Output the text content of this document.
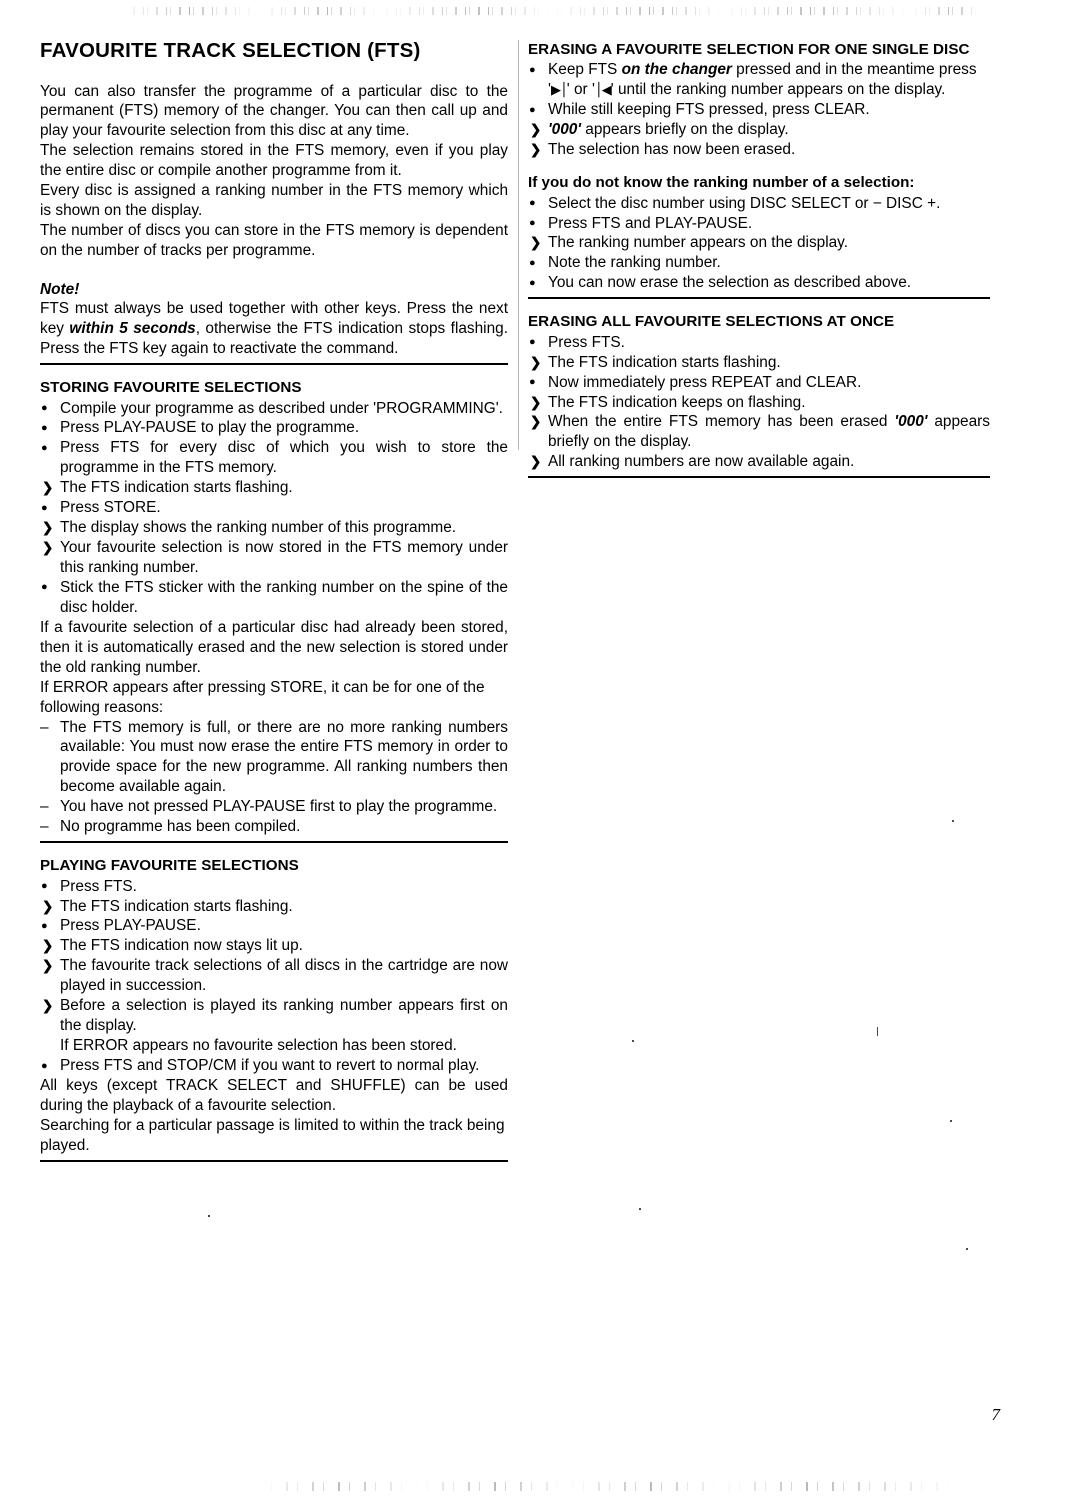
FAVOURITE TRACK SELECTION (FTS)

You can also transfer the programme of a particular disc to the permanent (FTS) memory of the changer. You can then call up and play your favourite selection from this disc at any time.

The selection remains stored in the FTS memory, even if you play the entire disc or compile another programme from it.

Every disc is assigned a ranking number in the FTS memory which is shown on the display.

The number of discs you can store in the FTS memory is dependent on the number of tracks per programme.

Note!

FTS must always be used together with other keys. Press the next key within 5 seconds, otherwise the FTS indication stops flashing. Press the FTS key again to reactivate the command.

STORING FAVOURITE SELECTIONS
●
Compile your programme as described under 'PROGRAMMING'.
●
Press PLAY-PAUSE to play the programme.
●
Press FTS for every disc of which you wish to store the programme in the FTS memory.
❯
The FTS indication starts flashing.
●
Press STORE.
❯
The display shows the ranking number of this programme.
❯
Your favourite selection is now stored in the FTS memory under this ranking number.
●
Stick the FTS sticker with the ranking number on the spine of the disc holder.

If a favourite selection of a particular disc had already been stored, then it is automatically erased and the new selection is stored under the old ranking number.

If ERROR appears after pressing STORE, it can be for one of the following reasons:

–
The FTS memory is full, or there are no more ranking numbers available: You must now erase the entire FTS memory in order to provide space for the new programme. All ranking numbers then become available again.
–
You have not pressed PLAY-PAUSE first to play the programme.
–
No programme has been compiled.
PLAYING FAVOURITE SELECTIONS
●
Press FTS.
❯
The FTS indication starts flashing.
●
Press PLAY-PAUSE.
❯
The FTS indication now stays lit up.
❯
The favourite track selections of all discs in the cartridge are now played in succession.
❯
Before a selection is played its ranking number appears first on the display.
If ERROR appears no favourite selection has been stored.
●
Press FTS and STOP/CM if you want to revert to normal play.

All keys (except TRACK SELECT and SHUFFLE) can be used during the playback of a favourite selection.

Searching for a particular passage is limited to within the track being played.

ERASING A FAVOURITE SELECTION FOR ONE SINGLE DISC
●
Keep FTS on the changer pressed and in the meantime press '▶│' or '│◀' until the ranking number appears on the display.
●
While still keeping FTS pressed, press CLEAR.
❯
'000' appears briefly on the display.
❯
The selection has now been erased.
If you do not know the ranking number of a selection:
●
Select the disc number using DISC SELECT or − DISC +.
●
Press FTS and PLAY-PAUSE.
❯
The ranking number appears on the display.
●
Note the ranking number.
●
You can now erase the selection as described above.
ERASING ALL FAVOURITE SELECTIONS AT ONCE
●
Press FTS.
❯
The FTS indication starts flashing.
●
Now immediately press REPEAT and CLEAR.
❯
The FTS indication keeps on flashing.
❯
When the entire FTS memory has been erased '000' appears briefly on the display.
❯
All ranking numbers are now available again.
7
